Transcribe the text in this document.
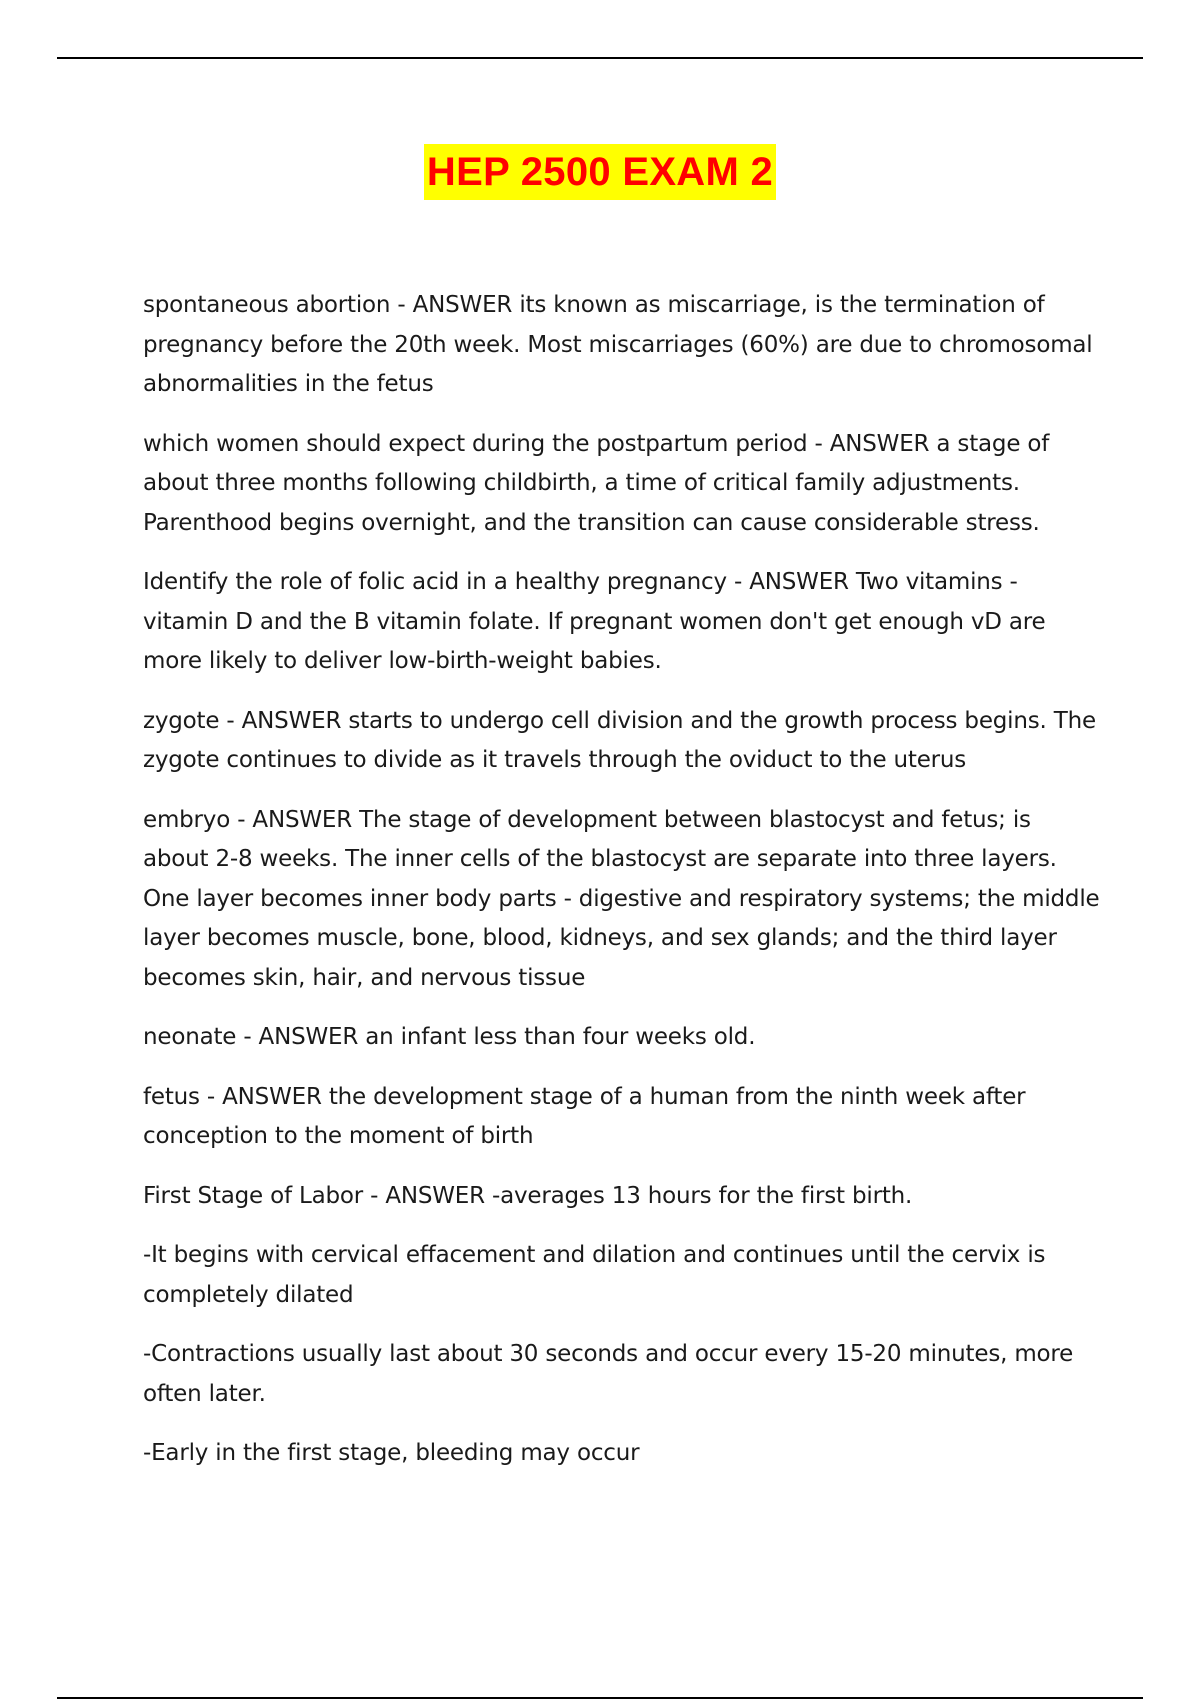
HEP 2500 EXAM 2

spontaneous abortion - ANSWER its known as miscarriage, is the termination of pregnancy before the 20th week. Most miscarriages (60%) are due to chromosomal abnormalities in the fetus

which women should expect during the postpartum period - ANSWER a stage of about three months following childbirth, a time of critical family adjustments. Parenthood begins overnight, and the transition can cause considerable stress.

Identify the role of folic acid in a healthy pregnancy - ANSWER Two vitamins - vitamin D and the B vitamin folate. If pregnant women don't get enough vD are more likely to deliver low-birth-weight babies.

zygote - ANSWER starts to undergo cell division and the growth process begins. The zygote continues to divide as it travels through the oviduct to the uterus

embryo - ANSWER The stage of development between blastocyst and fetus; is about 2-8 weeks. The inner cells of the blastocyst are separate into three layers. One layer becomes inner body parts - digestive and respiratory systems; the middle layer becomes muscle, bone, blood, kidneys, and sex glands; and the third layer becomes skin, hair, and nervous tissue

neonate - ANSWER an infant less than four weeks old.

fetus - ANSWER the development stage of a human from the ninth week after conception to the moment of birth

First Stage of Labor - ANSWER -averages 13 hours for the first birth.

-It begins with cervical effacement and dilation and continues until the cervix is completely dilated

-Contractions usually last about 30 seconds and occur every 15-20 minutes, more often later.

-Early in the first stage, bleeding may occur
